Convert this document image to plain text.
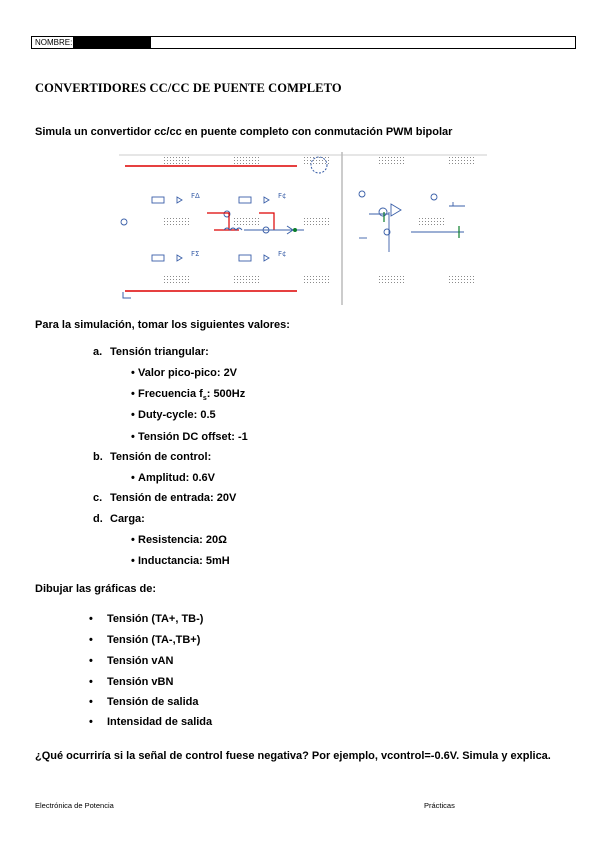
NOMBRE:
CONVERTIDORES CC/CC DE PUENTE COMPLETO
Simula un convertidor cc/cc en puente completo con conmutación PWM bipolar
FΔ	F¢
FΣ	F¢
Para la simulación, tomar los siguientes valores:
a. Tensión triangular:
• Valor pico-pico: 2V
• Frecuencia $f_s$: 500Hz
• Duty-cycle: 0.5
• Tensión DC offset: -1
b. Tensión de control:
• Amplitud: 0.6V
c. Tensión de entrada: 20V
d. Carga:
• Resistencia: 20Ω
• Inductancia: 5mH
Dibujar las gráficas de:
• Tensión (TA+, TB-)
• Tensión (TA-,TB+)
• Tensión vAN
• Tensión vBN
• Tensión de salida
• Intensidad de salida
¿Qué ocurriría si la señal de control fuese negativa? Por ejemplo, vcontrol=-0.6V. Simula y explica.
Electrónica de Potencia	Prácticas
